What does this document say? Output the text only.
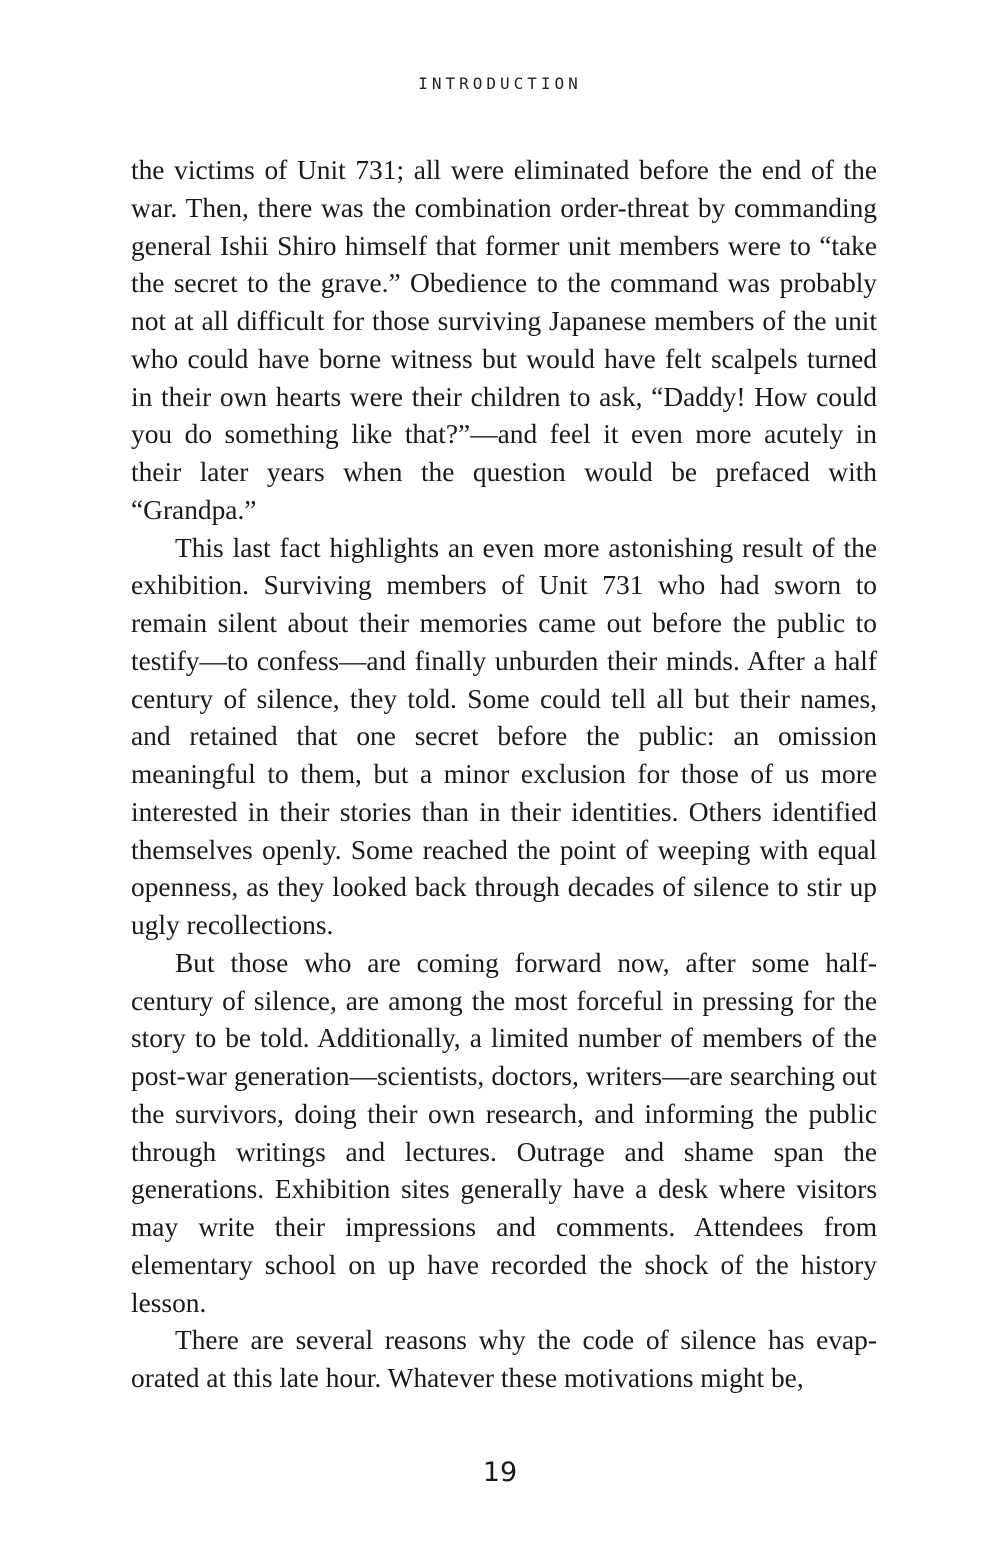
INTRODUCTION

the victims of Unit 731; all were eliminated before the end of the war. Then, there was the combination order-threat by commanding general Ishii Shiro himself that former unit members were to “take the secret to the grave.” Obedience to the command was probably not at all difficult for those surviving Japanese members of the unit who could have borne witness but would have felt scalpels turned in their own hearts were their children to ask, “Daddy! How could you do something like that?”—and feel it even more acutely in their later years when the question would be prefaced with “Grandpa.”

This last fact highlights an even more astonishing result of the exhibition. Surviving members of Unit 731 who had sworn to remain silent about their memories came out before the public to testify—to confess—and finally unburden their minds. After a half century of silence, they told. Some could tell all but their names, and retained that one secret before the public: an omission meaningful to them, but a minor exclusion for those of us more interested in their stories than in their identities. Others identified themselves openly. Some reached the point of weeping with equal openness, as they looked back through decades of silence to stir up ugly recollections.

But those who are coming forward now, after some half-century of silence, are among the most forceful in pressing for the story to be told. Additionally, a limited number of members of the post-war generation—scientists, doctors, writers—are searching out the survivors, doing their own research, and informing the public through writings and lectures. Outrage and shame span the generations. Exhibition sites generally have a desk where visitors may write their impressions and comments. Attendees from elementary school on up have recorded the shock of the history lesson.

There are several reasons why the code of silence has evaporated at this late hour. Whatever these motivations might be,

19
